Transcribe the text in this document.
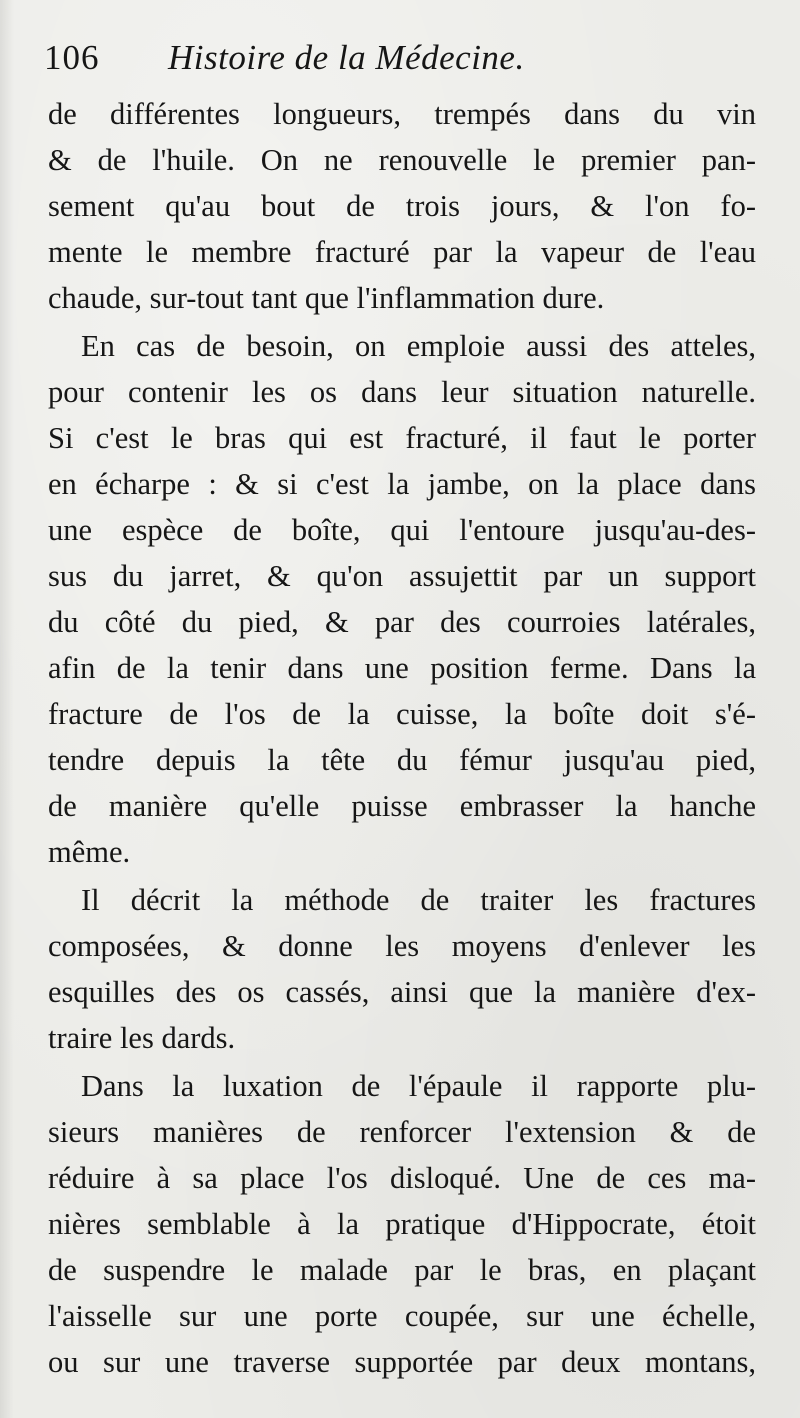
106 Histoire de la Médecine.
de différentes longueurs, trempés dans du vin
& de l'huile. On ne renouvelle le premier pan-
sement qu'au bout de trois jours, & l'on fo-
mente le membre fracturé par la vapeur de l'eau
chaude, sur-tout tant que l'inflammation dure.
En cas de besoin, on emploie aussi des atteles,
pour contenir les os dans leur situation naturelle.
Si c'est le bras qui est fracturé, il faut le porter
en écharpe : & si c'est la jambe, on la place dans
une espèce de boîte, qui l'entoure jusqu'au-des-
sus du jarret, & qu'on assujettit par un support
du côté du pied, & par des courroies latérales,
afin de la tenir dans une position ferme. Dans la
fracture de l'os de la cuisse, la boîte doit s'é-
tendre depuis la tête du fémur jusqu'au pied,
de manière qu'elle puisse embrasser la hanche
même.
Il décrit la méthode de traiter les fractures
composées, & donne les moyens d'enlever les
esquilles des os cassés, ainsi que la manière d'ex-
traire les dards.
Dans la luxation de l'épaule il rapporte plu-
sieurs manières de renforcer l'extension & de
réduire à sa place l'os disloqué. Une de ces ma-
nières semblable à la pratique d'Hippocrate, étoit
de suspendre le malade par le bras, en plaçant
l'aisselle sur une porte coupée, sur une échelle,
ou sur une traverse supportée par deux montans,
